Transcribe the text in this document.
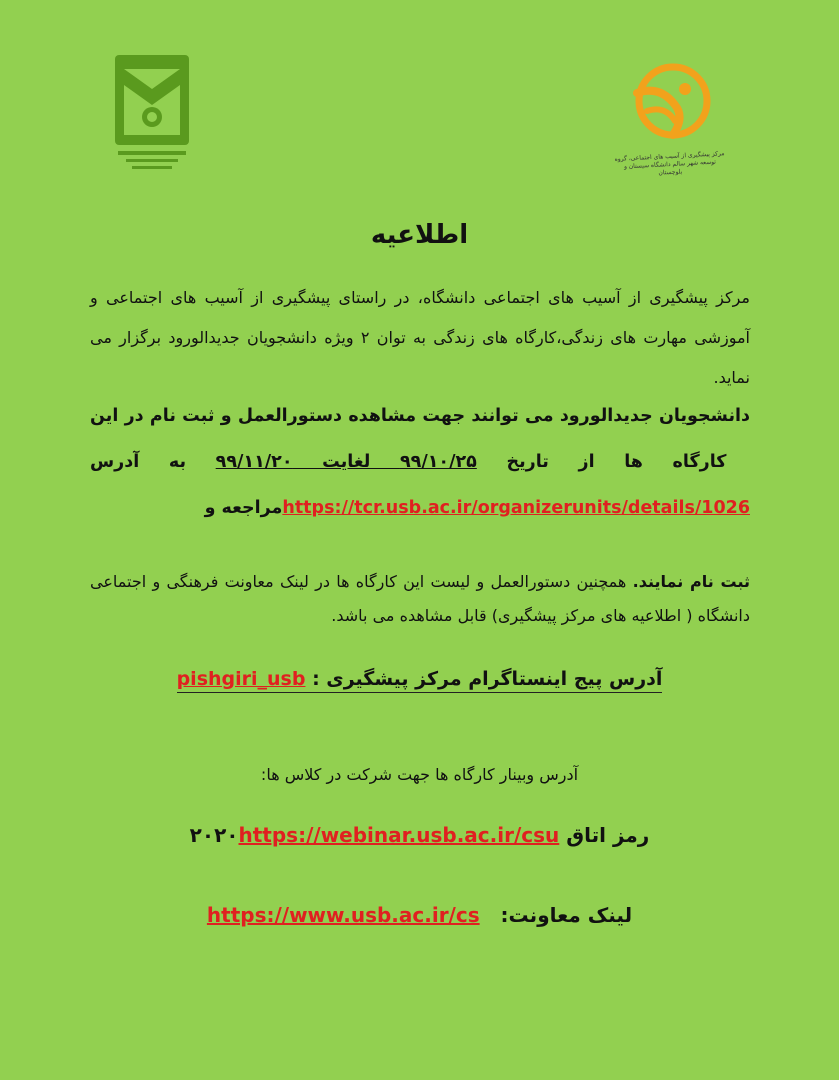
مرکز پیشگیری از آسیب های اجتماعی، گروه توسعه شهر سالم دانشگاه سیستان و بلوچستان
اطلاعیه
مرکز پیشگیری از آسیب های اجتماعی دانشگاه، در راستای پیشگیری از آسیب های اجتماعی و آموزشی مهارت های زندگی،کارگاه های زندگی به توان ۲ ویژه دانشجویان جدیدالورود برگزار می نماید.
دانشجویان جدیدالورود می توانند جهت مشاهده دستورالعمل و ثبت نام در این کارگاه ها از تاریخ ۹۹/۱۰/۲۵ لغایت ۹۹/۱۱/۲۰ به آدرس https://tcr.usb.ac.ir/organizerunits/details/1026مراجعه و
ثبت نام نمایند. همچنین دستورالعمل و لیست این کارگاه ها در لینک معاونت فرهنگی و اجتماعی دانشگاه ( اطلاعیه های مرکز پیشگیری) قابل مشاهده می باشد.
آدرس پیج اینستاگرام مرکز پیشگیری : pishgiri_usb
آدرس وبینار کارگاه ها جهت شرکت در کلاس ها:
رمز اتاق ۲۰۲۰https://webinar.usb.ac.ir/csu
لینک معاونت:   https://www.usb.ac.ir/cs
